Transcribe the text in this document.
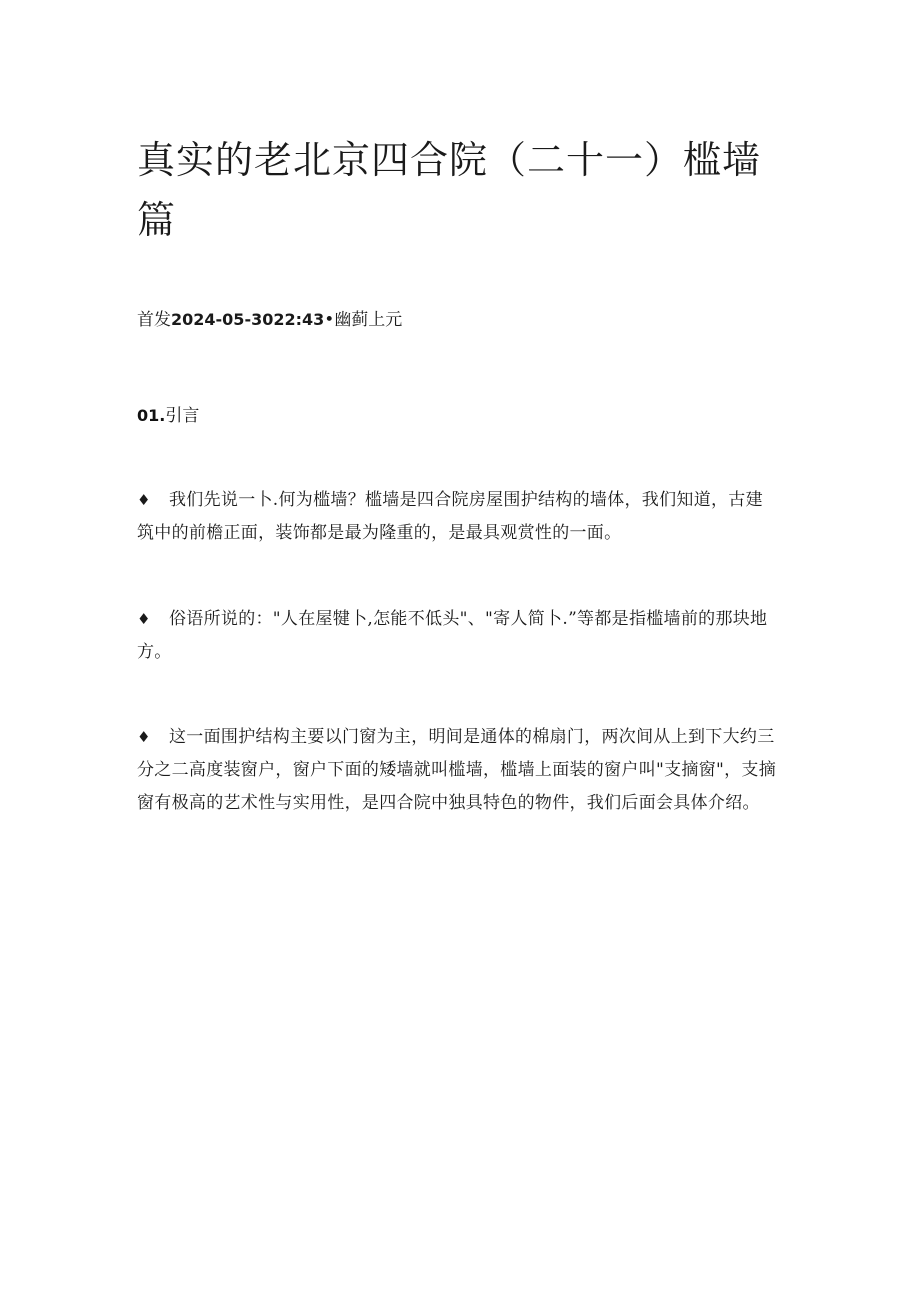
真实的老北京四合院（二十一）槛墙篇
首发2024-05-3022:43•幽蓟上元
01.引言

♦ 我们先说一卜.何为槛墙？槛墙是四合院房屋围护结构的墙体，我们知道，古建筑中的前檐正面，装饰都是最为隆重的，是最具观赏性的一面。

♦ 俗语所说的："人在屋犍卜,怎能不低头"、"寄人简卜.”等都是指槛墙前的那块地方。

♦ 这一面围护结构主要以门窗为主，明间是通体的棉扇门，两次间从上到下大约三分之二高度装窗户，窗户下面的矮墙就叫槛墙，槛墙上面装的窗户叫"支摘窗"，支摘窗有极高的艺术性与实用性，是四合院中独具特色的物件，我们后面会具体介绍。
